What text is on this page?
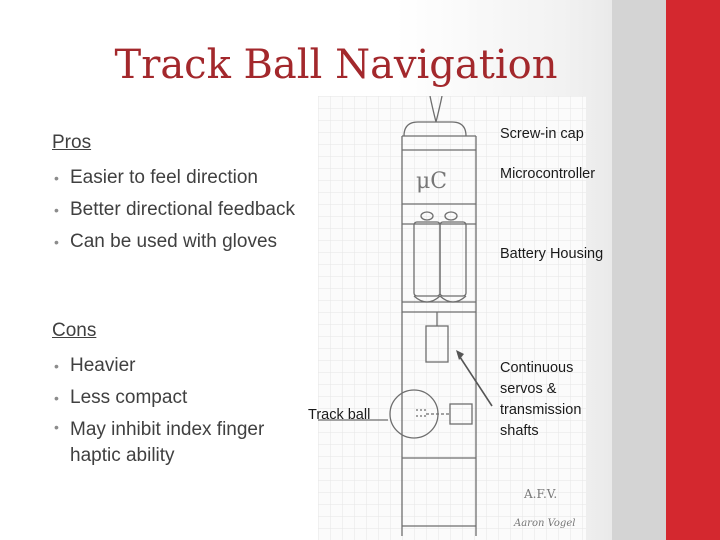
Track Ball Navigation
Pros
• Easier to feel direction
• Better directional feedback
• Can be used with gloves
Cons
• Heavier
• Less compact
• May inhibit index finger haptic ability
μC
A.F.V.
Aaron Vogel
Screw-in cap
Microcontroller
Battery Housing
Continuous
servos &
transmission
shafts
Track ball
